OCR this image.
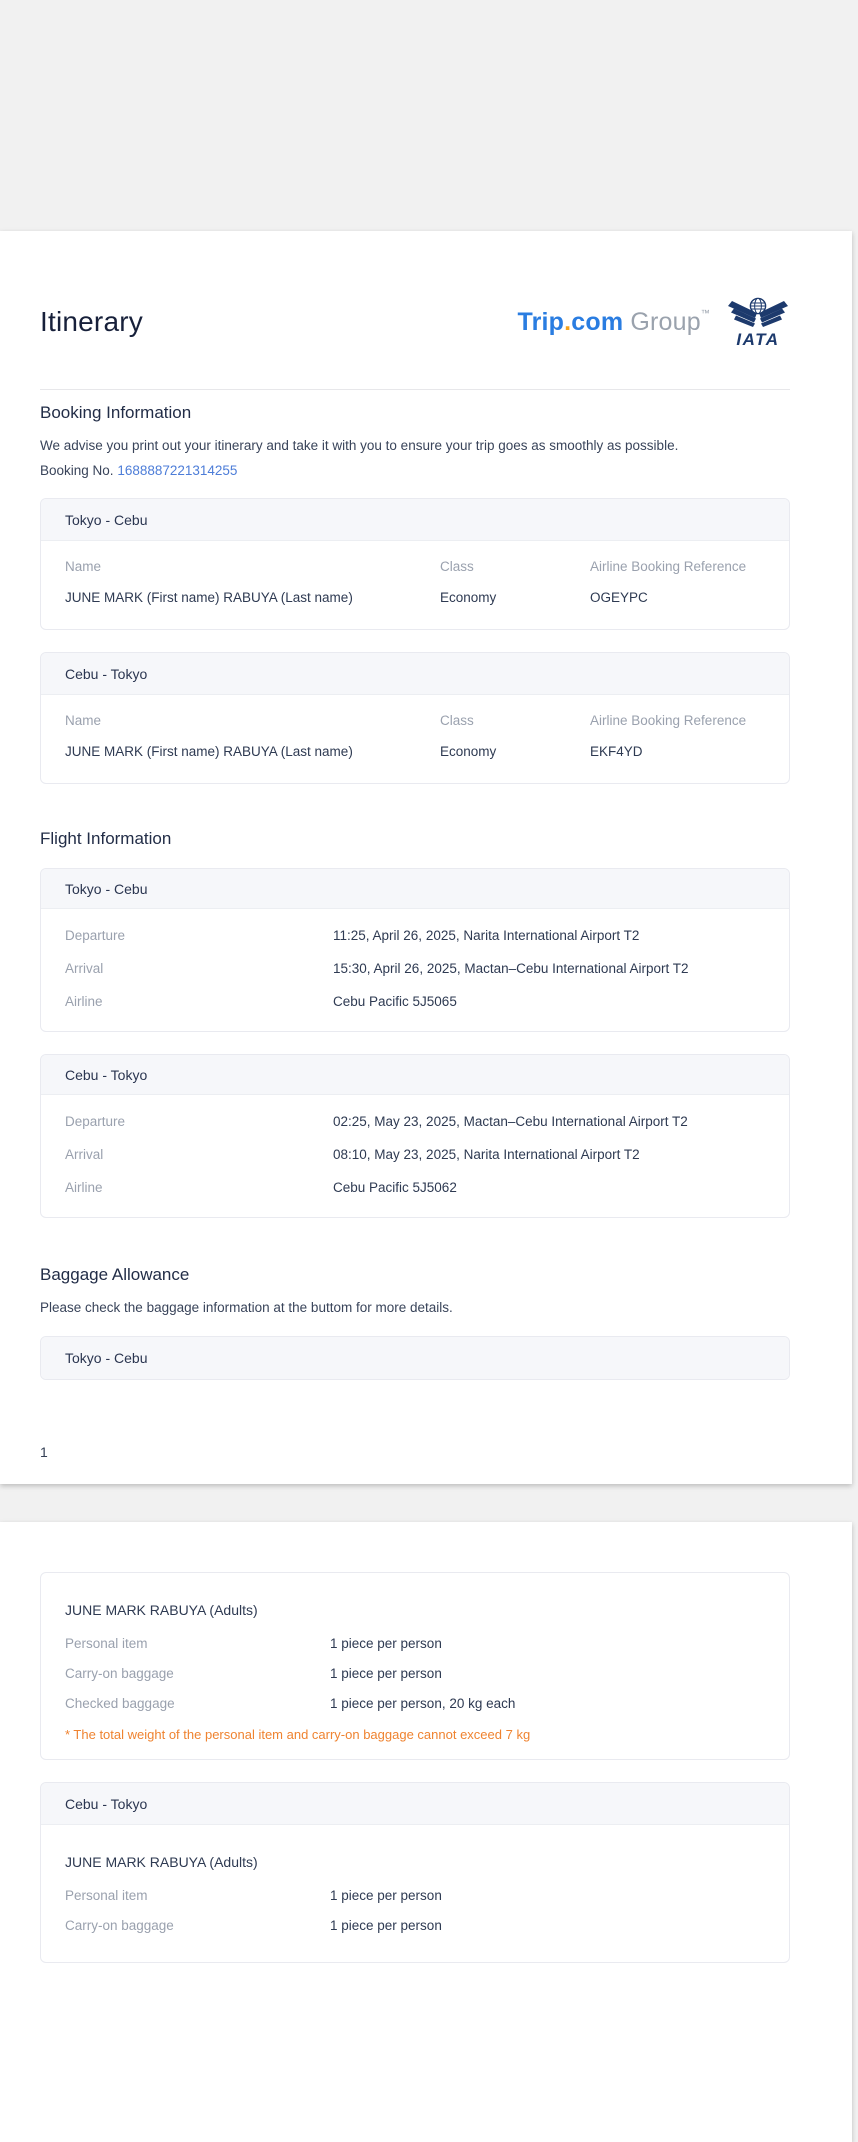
Itinerary	Trip.com Group™
IATA
Booking Information
We advise you print out your itinerary and take it with you to ensure your trip goes as smoothly as possible.
Booking No. 1688887221314255
Tokyo - Cebu
Name	Class	Airline Booking Reference
JUNE MARK (First name) RABUYA (Last name)	Economy	OGEYPC
Cebu - Tokyo
Name	Class	Airline Booking Reference
JUNE MARK (First name) RABUYA (Last name)	Economy	EKF4YD
Flight Information
Tokyo - Cebu
Departure	11:25, April 26, 2025, Narita International Airport T2
Arrival	15:30, April 26, 2025, Mactan–Cebu International Airport T2
Airline	Cebu Pacific 5J5065
Cebu - Tokyo
Departure	02:25, May 23, 2025, Mactan–Cebu International Airport T2
Arrival	08:10, May 23, 2025, Narita International Airport T2
Airline	Cebu Pacific 5J5062
Baggage Allowance
Please check the baggage information at the buttom for more details.
Tokyo - Cebu
1
JUNE MARK RABUYA (Adults)
Personal item	1 piece per person
Carry-on baggage	1 piece per person
Checked baggage	1 piece per person, 20 kg each
* The total weight of the personal item and carry-on baggage cannot exceed 7 kg
Cebu - Tokyo
JUNE MARK RABUYA (Adults)
Personal item	1 piece per person
Carry-on baggage	1 piece per person
